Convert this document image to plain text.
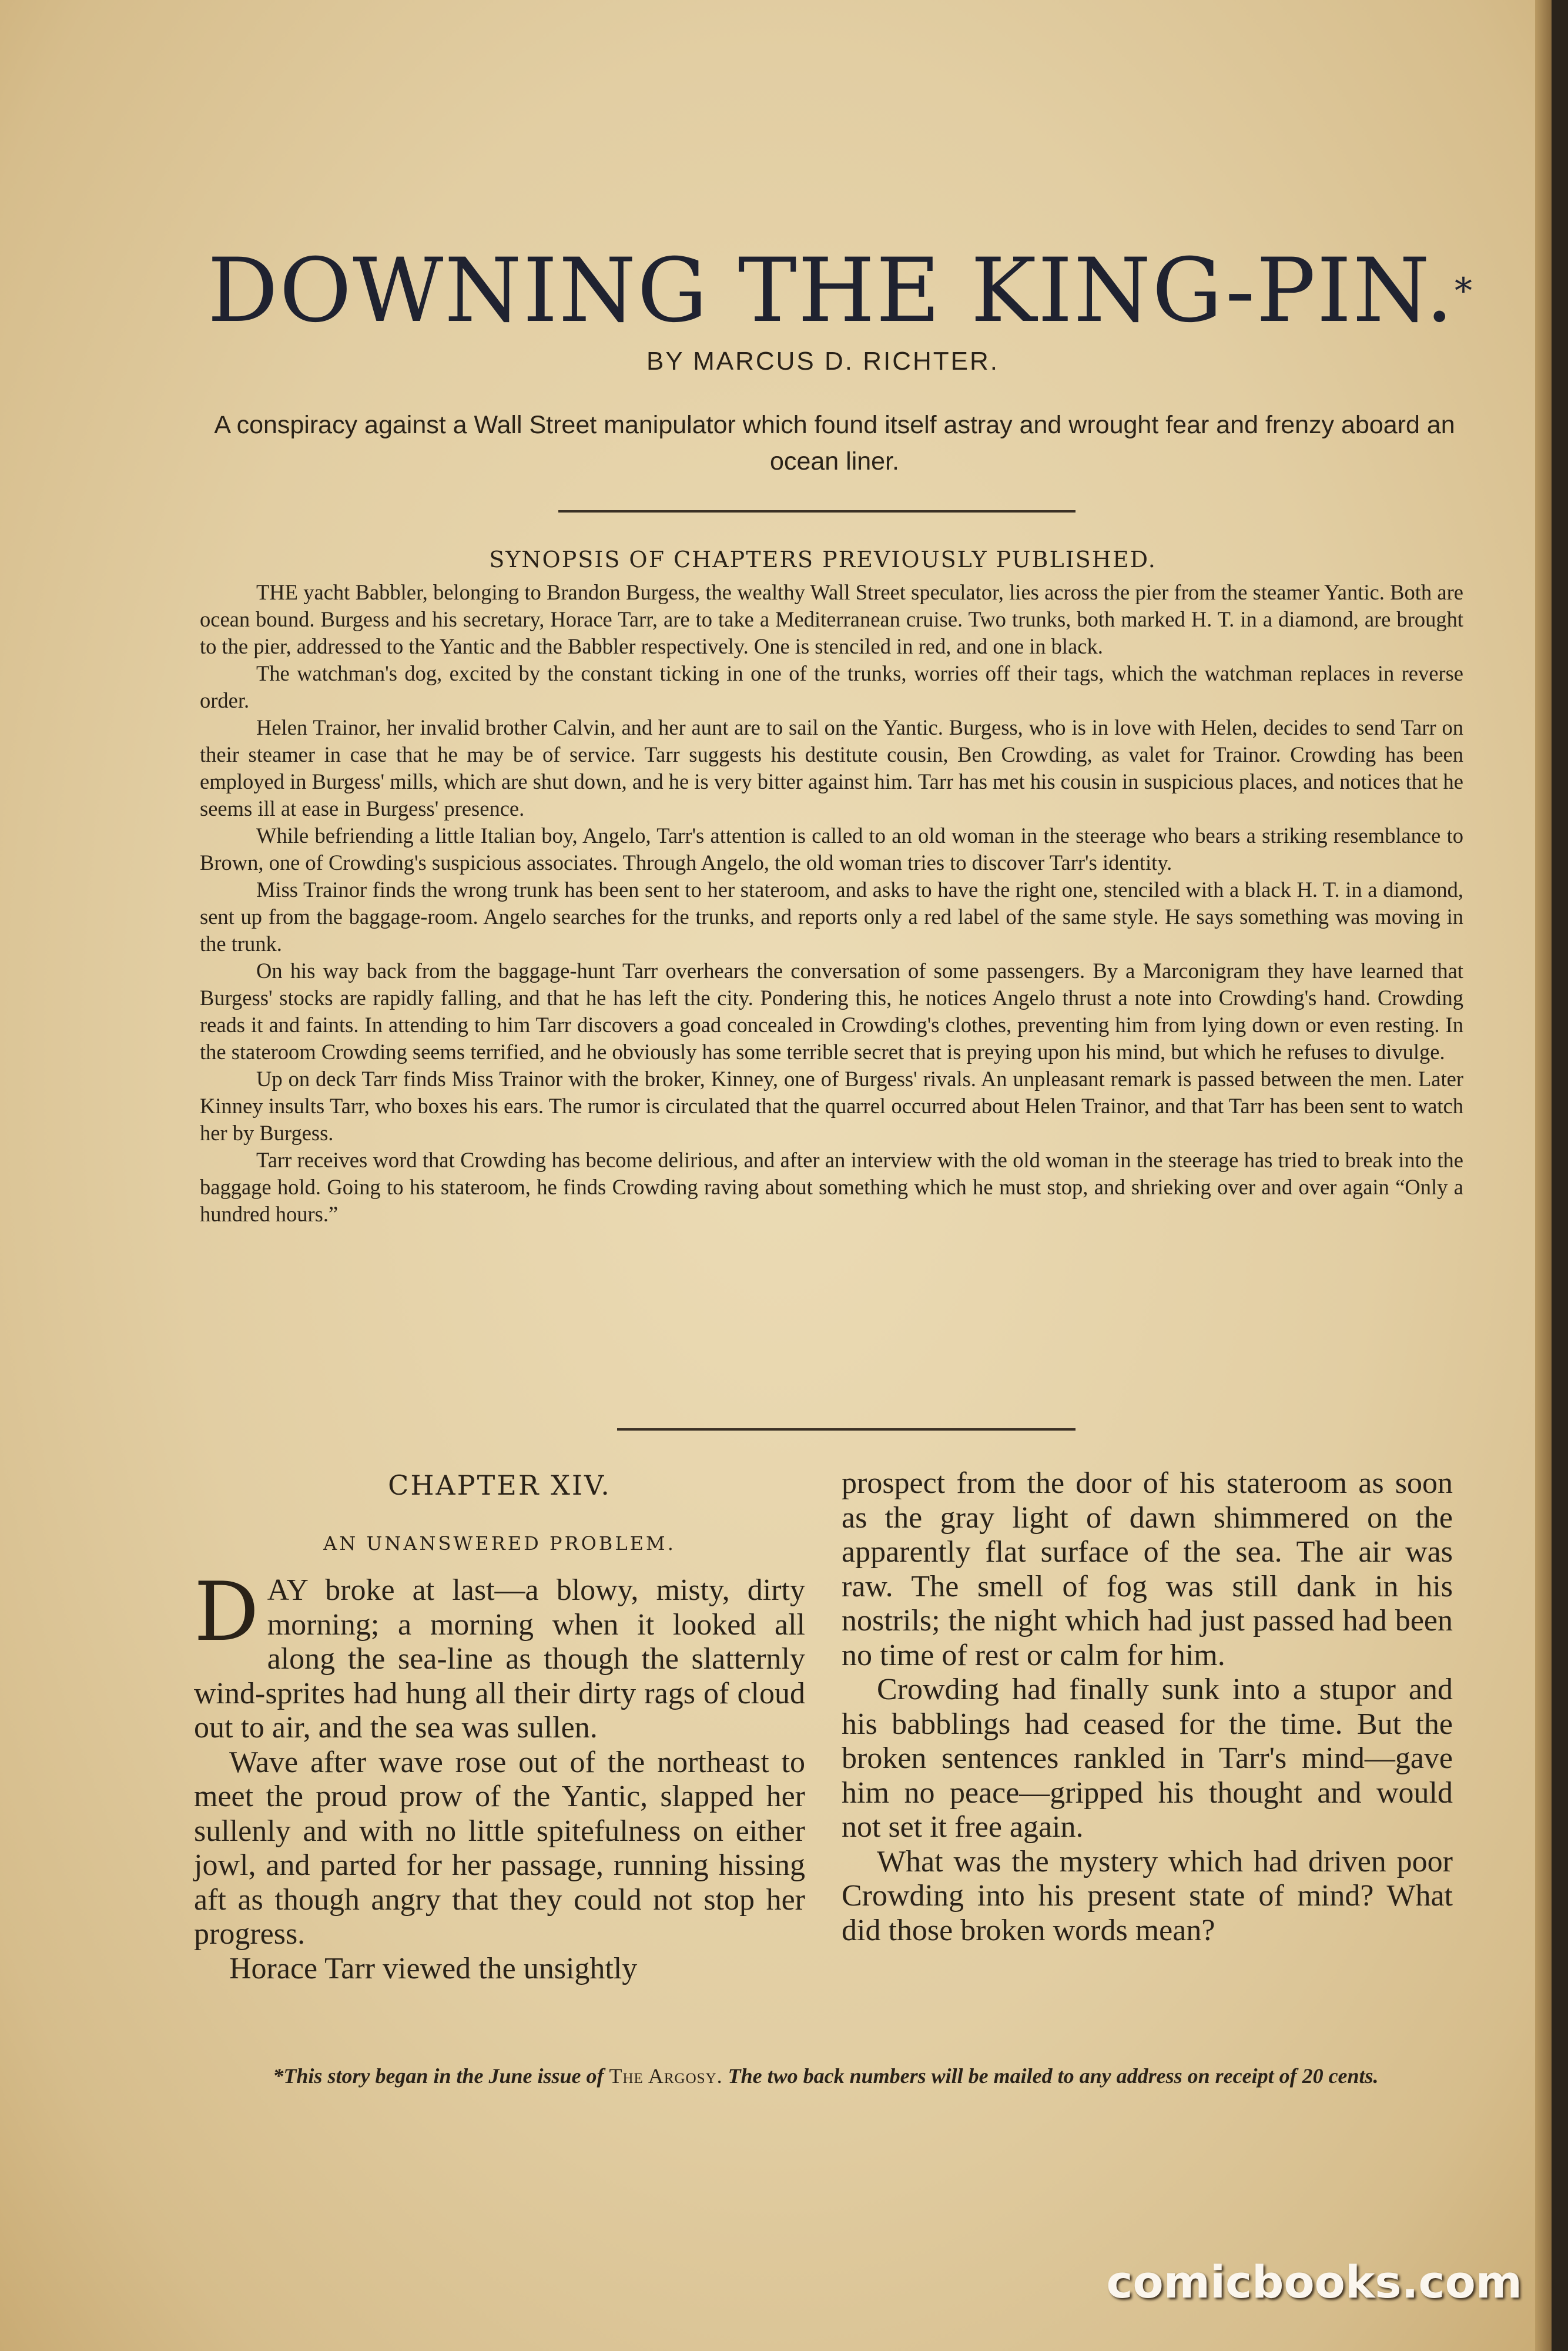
DOWNING THE KING-PIN.*
BY MARCUS D. RICHTER.
A conspiracy against a Wall Street manipulator which found itself astray and wrought fear and frenzy aboard an ocean liner.
SYNOPSIS OF CHAPTERS PREVIOUSLY PUBLISHED.

THE yacht Babbler, belonging to Brandon Burgess, the wealthy Wall Street speculator, lies across the pier from the steamer Yantic. Both are ocean bound. Burgess and his secretary, Horace Tarr, are to take a Mediterranean cruise. Two trunks, both marked H. T. in a diamond, are brought to the pier, addressed to the Yantic and the Babbler respectively. One is stenciled in red, and one in black.

The watchman's dog, excited by the constant ticking in one of the trunks, worries off their tags, which the watchman replaces in reverse order.

Helen Trainor, her invalid brother Calvin, and her aunt are to sail on the Yantic. Burgess, who is in love with Helen, decides to send Tarr on their steamer in case that he may be of service. Tarr suggests his destitute cousin, Ben Crowding, as valet for Trainor. Crowding has been employed in Burgess' mills, which are shut down, and he is very bitter against him. Tarr has met his cousin in suspicious places, and notices that he seems ill at ease in Burgess' presence.

While befriending a little Italian boy, Angelo, Tarr's attention is called to an old woman in the steerage who bears a striking resemblance to Brown, one of Crowding's suspicious associates. Through Angelo, the old woman tries to discover Tarr's identity.

Miss Trainor finds the wrong trunk has been sent to her stateroom, and asks to have the right one, stenciled with a black H. T. in a diamond, sent up from the baggage-room. Angelo searches for the trunks, and reports only a red label of the same style. He says something was moving in the trunk.

On his way back from the baggage-hunt Tarr overhears the conversation of some passengers. By a Marconigram they have learned that Burgess' stocks are rapidly falling, and that he has left the city. Pondering this, he notices Angelo thrust a note into Crowding's hand. Crowding reads it and faints. In attending to him Tarr discovers a goad concealed in Crowding's clothes, preventing him from lying down or even resting. In the stateroom Crowding seems terrified, and he obviously has some terrible secret that is preying upon his mind, but which he refuses to divulge.

Up on deck Tarr finds Miss Trainor with the broker, Kinney, one of Burgess' rivals. An unpleasant remark is passed between the men. Later Kinney insults Tarr, who boxes his ears. The rumor is circulated that the quarrel occurred about Helen Trainor, and that Tarr has been sent to watch her by Burgess.

Tarr receives word that Crowding has become delirious, and after an interview with the old woman in the steerage has tried to break into the baggage hold. Going to his stateroom, he finds Crowding raving about something which he must stop, and shrieking over and over again “Only a hundred hours.”

CHAPTER XIV.
AN UNANSWERED PROBLEM.

DAY broke at last—a blowy, misty, dirty morning; a morning when it looked all along the sea-line as though the slatternly wind-sprites had hung all their dirty rags of cloud out to air, and the sea was sullen.

Wave after wave rose out of the northeast to meet the proud prow of the Yantic, slapped her sullenly and with no little spitefulness on either jowl, and parted for her passage, running hissing aft as though angry that they could not stop her progress.

Horace Tarr viewed the unsightly

prospect from the door of his stateroom as soon as the gray light of dawn shimmered on the apparently flat surface of the sea. The air was raw. The smell of fog was still dank in his nostrils; the night which had just passed had been no time of rest or calm for him.

Crowding had finally sunk into a stupor and his babblings had ceased for the time. But the broken sentences rankled in Tarr's mind—gave him no peace—gripped his thought and would not set it free again.

What was the mystery which had driven poor Crowding into his present state of mind? What did those broken words mean?

*This story began in the June issue of The Argosy. The two back numbers will be mailed to any address on receipt of 20 cents.
comicbooks.com
